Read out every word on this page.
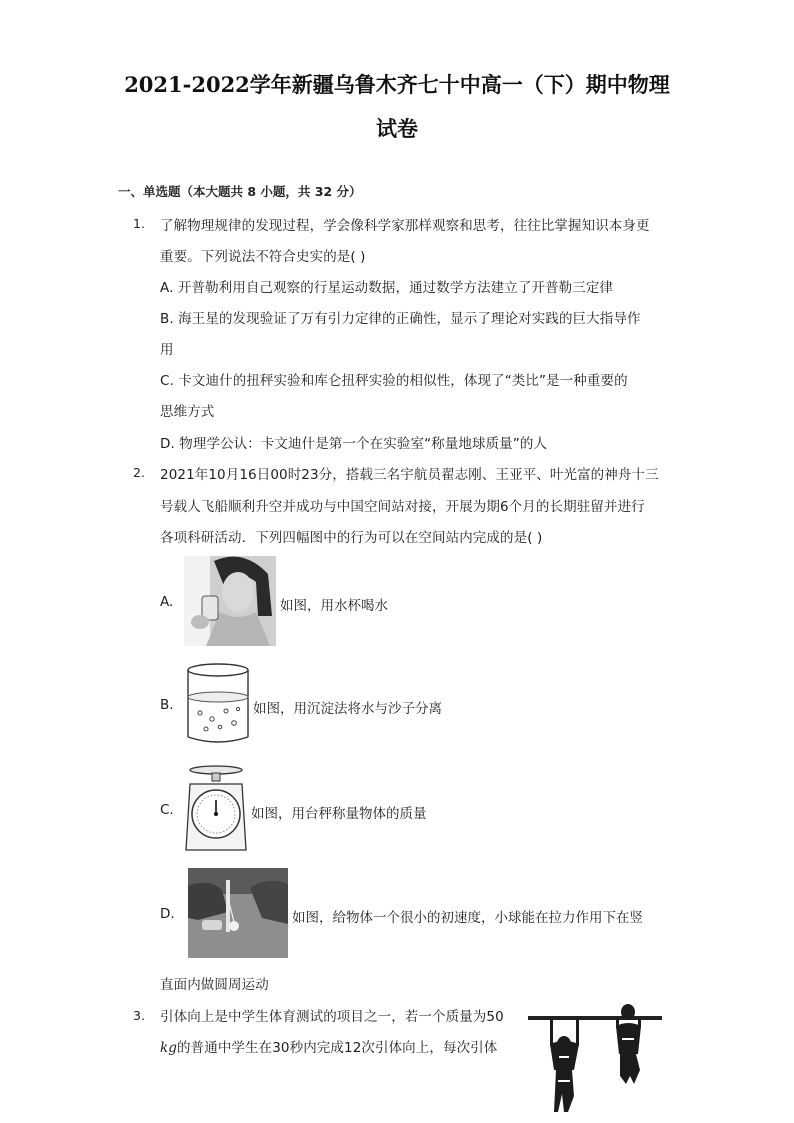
2021-2022学年新疆乌鲁木齐七十中高一（下）期中物理
试卷
一、单选题（本大题共 8 小题，共 32 分）
1. 了解物理规律的发现过程，学会像科学家那样观察和思考，往往比掌握知识本身更
重要。下列说法不符合史实的是( )
A. 开普勒利用自己观察的行星运动数据，通过数学方法建立了开普勒三定律
B. 海王星的发现验证了万有引力定律的正确性，显示了理论对实践的巨大指导作
用
C. 卡文迪什的扭秤实验和库仑扭秤实验的相似性，体现了“类比”是一种重要的
思维方式
D. 物理学公认：卡文迪什是第一个在实验室“称量地球质量”的人
2. 2021年10月16日00时23分，搭载三名宇航员翟志刚、王亚平、叶光富的神舟十三
号载人飞船顺利升空并成功与中国空间站对接，开展为期6个月的长期驻留并进行
各项科研活动．下列四幅图中的行为可以在空间站内完成的是( )
A.	如图，用水杯喝水
B.	如图，用沉淀法将水与沙子分离
C.	如图，用台秤称量物体的质量
D.	如图，给物体一个很小的初速度，小球能在拉力作用下在竖
直面内做圆周运动
3. 引体向上是中学生体育测试的项目之一，若一个质量为50
kg的普通中学生在30秒内完成12次引体向上，每次引体
